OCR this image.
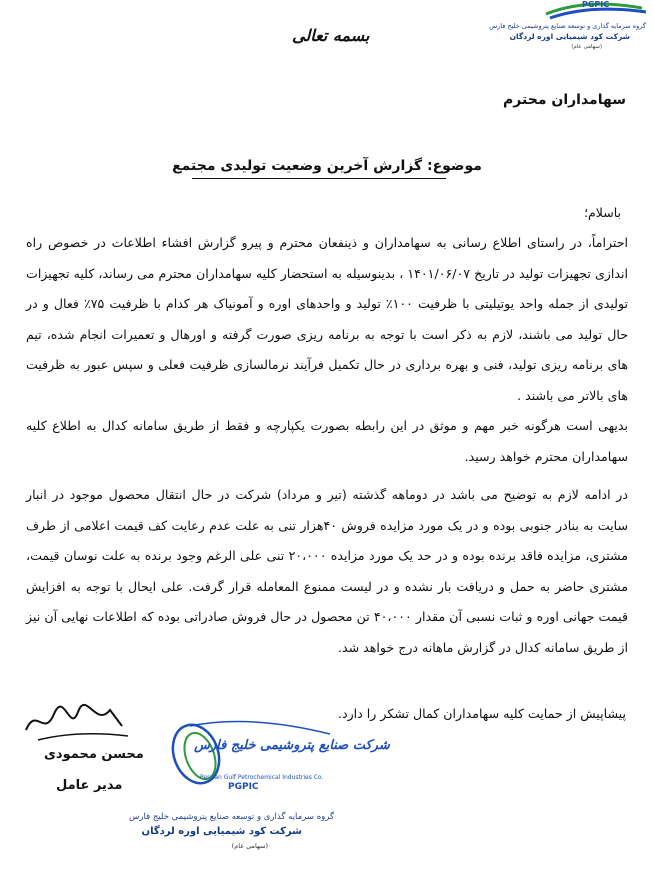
PGPIC
گروه سرمایه گذاری و توسعه صنایع پتروشیمی خلیج فارس
شرکت کود شیمیایی اوره لردگان
(سهامی عام)
بسمه تعالی
سهامداران محترم
موضوع: گزارش آخرین وضعیت تولیدی مجتمع
باسلام؛

احتراماً، در راستای اطلاع رسانی به سهامداران و ذینفعان محترم و پیرو گزارش افشاء اطلاعات در خصوص راه اندازی تجهیزات تولید در تاریخ ۱۴۰۱/۰۶/۰۷ ، بدینوسیله به استحضار کلیه سهامداران محترم می رساند، کلیه تجهیزات تولیدی از جمله واحد یوتیلیتی با ظرفیت ۱۰۰٪ تولید و واحدهای اوره و آمونیاک هر کدام با ظرفیت ۷۵٪ فعال و در حال تولید می باشند، لازم به ذکر است با توجه به برنامه ریزی صورت گرفته و اورهال و تعمیرات انجام شده، تیم های برنامه ریزی تولید، فنی و بهره برداری در حال تکمیل فرآیند نرمالسازی ظرفیت فعلی و سپس عبور به ظرفیت های بالاتر می باشند .

بدیهی است هرگونه خبر مهم و موثق در این رابطه بصورت یکپارچه و فقط از طریق سامانه کدال به اطلاع کلیه سهامداران محترم خواهد رسید.

در ادامه لازم به توضیح می باشد در دوماهه گذشته (تیر و مرداد) شرکت در حال انتقال محصول موجود در انبار سایت به بنادر جنوبی بوده و در یک مورد مزایده فروش ۴۰هزار تنی به علت عدم رعایت کف قیمت اعلامی از طرف مشتری، مزایده فاقد برنده بوده و در حد یک مورد مزایده ۲۰،۰۰۰ تنی علی الرغم وجود برنده به علت نوسان قیمت، مشتری حاضر به حمل و دریافت بار نشده و در لیست ممنوع المعامله قرار گرفت. علی ایحال با توجه به افزایش قیمت جهانی اوره و ثبات نسبی آن مقدار ۴۰،۰۰۰ تن محصول در حال فروش صادراتی بوده که اطلاعات نهایی آن نیز از طریق سامانه کدال در گزارش ماهانه درج خواهد شد.

پیشاپیش از حمایت کلیه سهامداران کمال تشکر را دارد.
محسن محمودی
مدیر عامل
شرکت صنایع پتروشیمی خلیج فارس
Persian Gulf Petrochemical Industries Co.
PGPIC
گروه سرمایه گذاری و توسعه صنایع پتروشیمی خلیج فارس
شرکت کود شیمیایی اوره لردگان
(سهامی عام)
